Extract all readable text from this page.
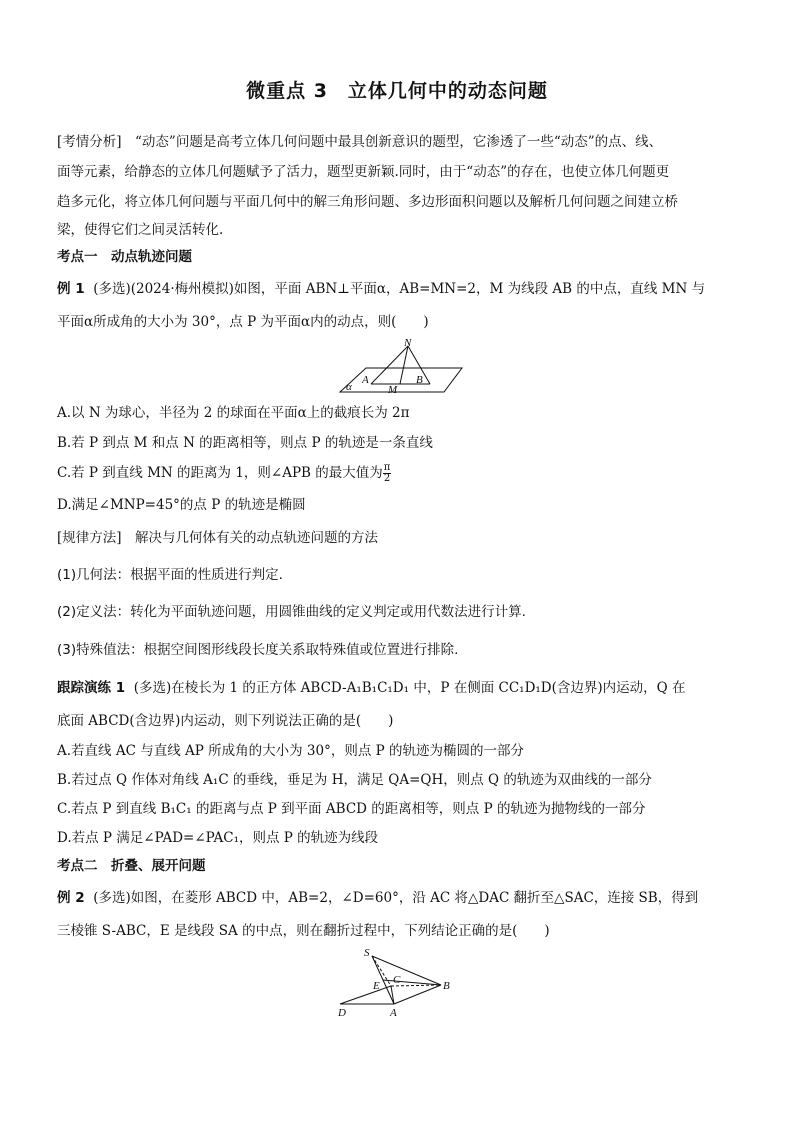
微重点 3　立体几何中的动态问题
[考情分析]　“动态”问题是高考立体几何问题中最具创新意识的题型，它渗透了一些“动态”的点、线、
面等元素，给静态的立体几何题赋予了活力，题型更新颖.同时，由于“动态”的存在，也使立体几何题更
趋多元化，将立体几何问题与平面几何中的解三角形问题、多边形面积问题以及解析几何问题之间建立桥
梁，使得它们之间灵活转化.
考点一　动点轨迹问题
例 1 (多选)(2024·梅州模拟)如图，平面 ABN⊥平面α，AB=MN=2，M 为线段 AB 的中点，直线 MN 与
平面α所成角的大小为 30°，点 P 为平面α内的动点，则(　　)
N
A
M
B
α
A.以 N 为球心，半径为 2 的球面在平面α上的截痕长为 2π
B.若 P 到点 M 和点 N 的距离相等，则点 P 的轨迹是一条直线
C.若 P 到直线 MN 的距离为 1，则∠APB 的最大值为 $\frac{\pi}{2}$
D.满足∠MNP=45°的点 P 的轨迹是椭圆
[规律方法]　解决与几何体有关的动点轨迹问题的方法
(1)几何法：根据平面的性质进行判定.
(2)定义法：转化为平面轨迹问题，用圆锥曲线的定义判定或用代数法进行计算.
(3)特殊值法：根据空间图形线段长度关系取特殊值或位置进行排除.
跟踪演练 1 (多选)在棱长为 1 的正方体 ABCD-A₁B₁C₁D₁ 中，P 在侧面 CC₁D₁D(含边界)内运动，Q 在
底面 ABCD(含边界)内运动，则下列说法正确的是(　　)
A.若直线 AC 与直线 AP 所成角的大小为 30°，则点 P 的轨迹为椭圆的一部分
B.若过点 Q 作体对角线 A₁C 的垂线，垂足为 H，满足 QA=QH，则点 Q 的轨迹为双曲线的一部分
C.若点 P 到直线 B₁C₁ 的距离与点 P 到平面 ABCD 的距离相等，则点 P 的轨迹为抛物线的一部分
D.若点 P 满足∠PAD=∠PAC₁，则点 P 的轨迹为线段
考点二　折叠、展开问题
例 2 (多选)如图，在菱形 ABCD 中，AB=2，∠D=60°，沿 AC 将△DAC 翻折至△SAC，连接 SB，得到
三棱锥 S-ABC，E 是线段 SA 的中点，则在翻折过程中，下列结论正确的是(　　)
S
C
E	B
D	A
